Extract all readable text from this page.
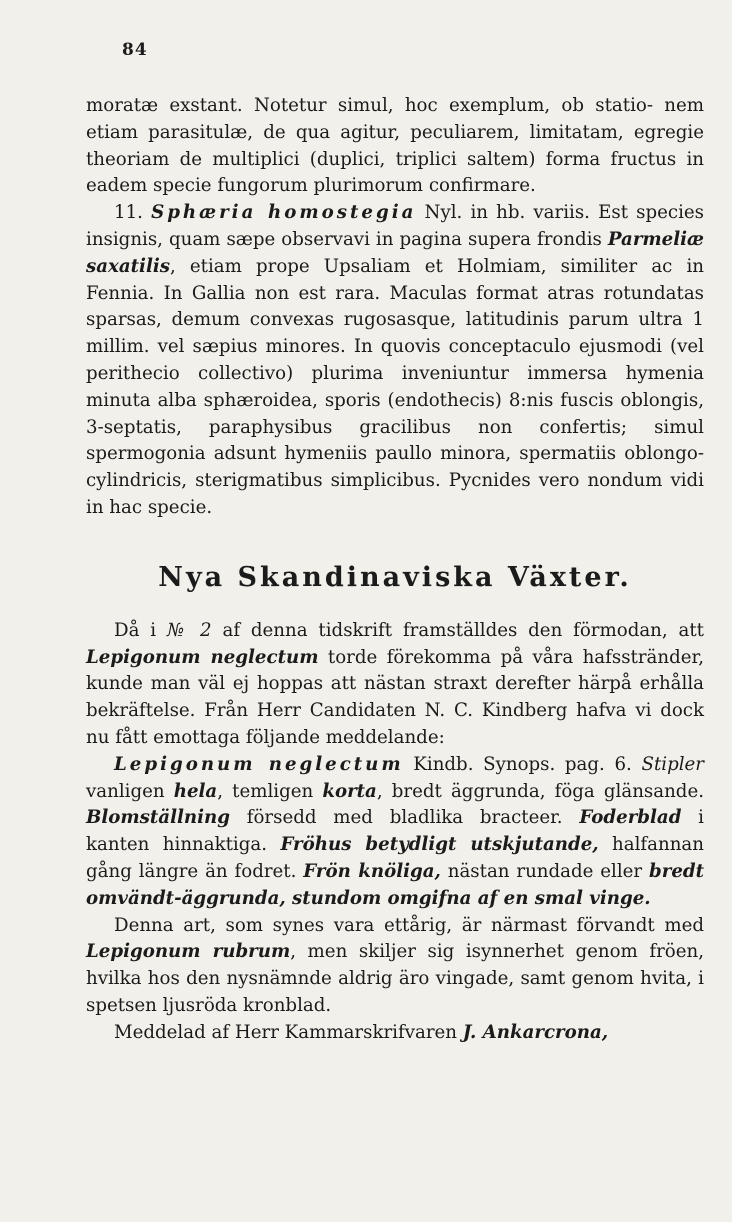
84

moratæ exstant. Notetur simul, hoc exemplum, ob statio- nem etiam parasitulæ, de qua agitur, peculiarem, limitatam, egregie theoriam de multiplici (duplici, triplici saltem) forma fructus in eadem specie fungorum plurimorum confirmare.

11. Sphæria homostegia Nyl. in hb. variis. Est species insignis, quam sæpe observavi in pagina supera frondis Parmeliæ saxatilis, etiam prope Upsaliam et Holmiam, similiter ac in Fennia. In Gallia non est rara. Maculas format atras rotundatas sparsas, demum convexas rugosasque, latitudinis parum ultra 1 millim. vel sæpius minores. In quovis conceptaculo ejusmodi (vel perithecio collectivo) plurima inveniuntur immersa hymenia minuta alba sphæroidea, sporis (endothecis) 8:nis fuscis oblongis, 3-septatis, paraphysibus gracilibus non confertis; simul spermogonia adsunt hymeniis paullo minora, spermatiis oblongo-cylindricis, sterigmatibus simplicibus. Pycnides vero nondum vidi in hac specie.

Nya Skandinaviska Växter.

Då i № 2 af denna tidskrift framställdes den förmodan, att Lepigonum neglectum torde förekomma på våra hafsstränder, kunde man väl ej hoppas att nästan straxt derefter härpå erhålla bekräftelse. Från Herr Candidaten N. C. Kindberg hafva vi dock nu fått emottaga följande meddelande:

Lepigonum neglectum Kindb. Synops. pag. 6. Stipler vanligen hela, temligen korta, bredt äggrunda, föga glänsande. Blomställning försedd med bladlika bracteer. Foderblad i kanten hinnaktiga. Fröhus betydligt utskjutande, halfannan gång längre än fodret. Frön knöliga, nästan rundade eller bredt omvändt-äggrunda, stundom omgifna af en smal vinge.

Denna art, som synes vara ettårig, är närmast förvandt med Lepigonum rubrum, men skiljer sig isynnerhet genom fröen, hvilka hos den nysnämnde aldrig äro vingade, samt genom hvita, i spetsen ljusröda kronblad.

Meddelad af Herr Kammarskrifvaren J. Ankarcrona,
